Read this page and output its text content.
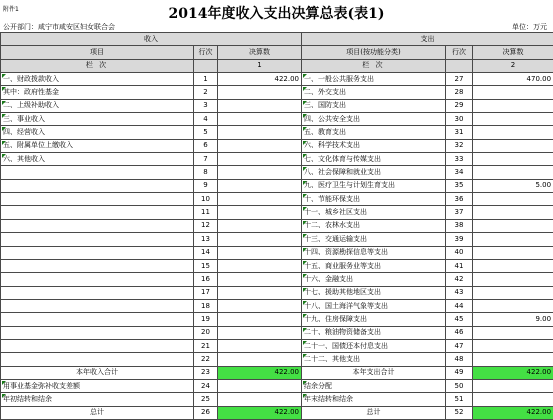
附件1	2014年度收入支出决算总表(表1)
公开部门：咸宁市咸安区妇女联合会	单位：万元
收入			支出		
项目	行次	决算数	项目(按功能分类)	行次	决算数
栏 次		1	栏 次		2
一、财政拨款收入	1	422.00	一、一般公共服务支出	27	470.00
其中：政府性基金	2		二、外交支出	28	
二、上级补助收入	3		三、国防支出	29	
三、事业收入	4		四、公共安全支出	30	
四、经营收入	5		五、教育支出	31	
五、附属单位上缴收入	6		六、科学技术支出	32	
六、其他收入	7		七、文化体育与传媒支出	33	
	8		八、社会保障和就业支出	34	
	9		九、医疗卫生与计划生育支出	35	5.00
	10		十、节能环保支出	36	
	11		十一、城乡社区支出	37	
	12		十二、农林水支出	38	
	13		十三、交通运输支出	39	
	14		十四、资源勘探信息等支出	40	
	15		十五、商业服务业等支出	41	
	16		十六、金融支出	42	
	17		十七、援助其他地区支出	43	
	18		十八、国土海洋气象等支出	44	
	19		十九、住房保障支出	45	9.00
	20		二十、粮油物资储备支出	46	
	21		二十一、国债还本付息支出	47	
	22		二十二、其他支出	48	
本年收入合计	23	422.00	本年支出合计	49	422.00
用事业基金弥补收支差额	24		结余分配	50	
年初结转和结余	25		年末结转和结余	51	
总计	26	422.00	总计	52	422.00
